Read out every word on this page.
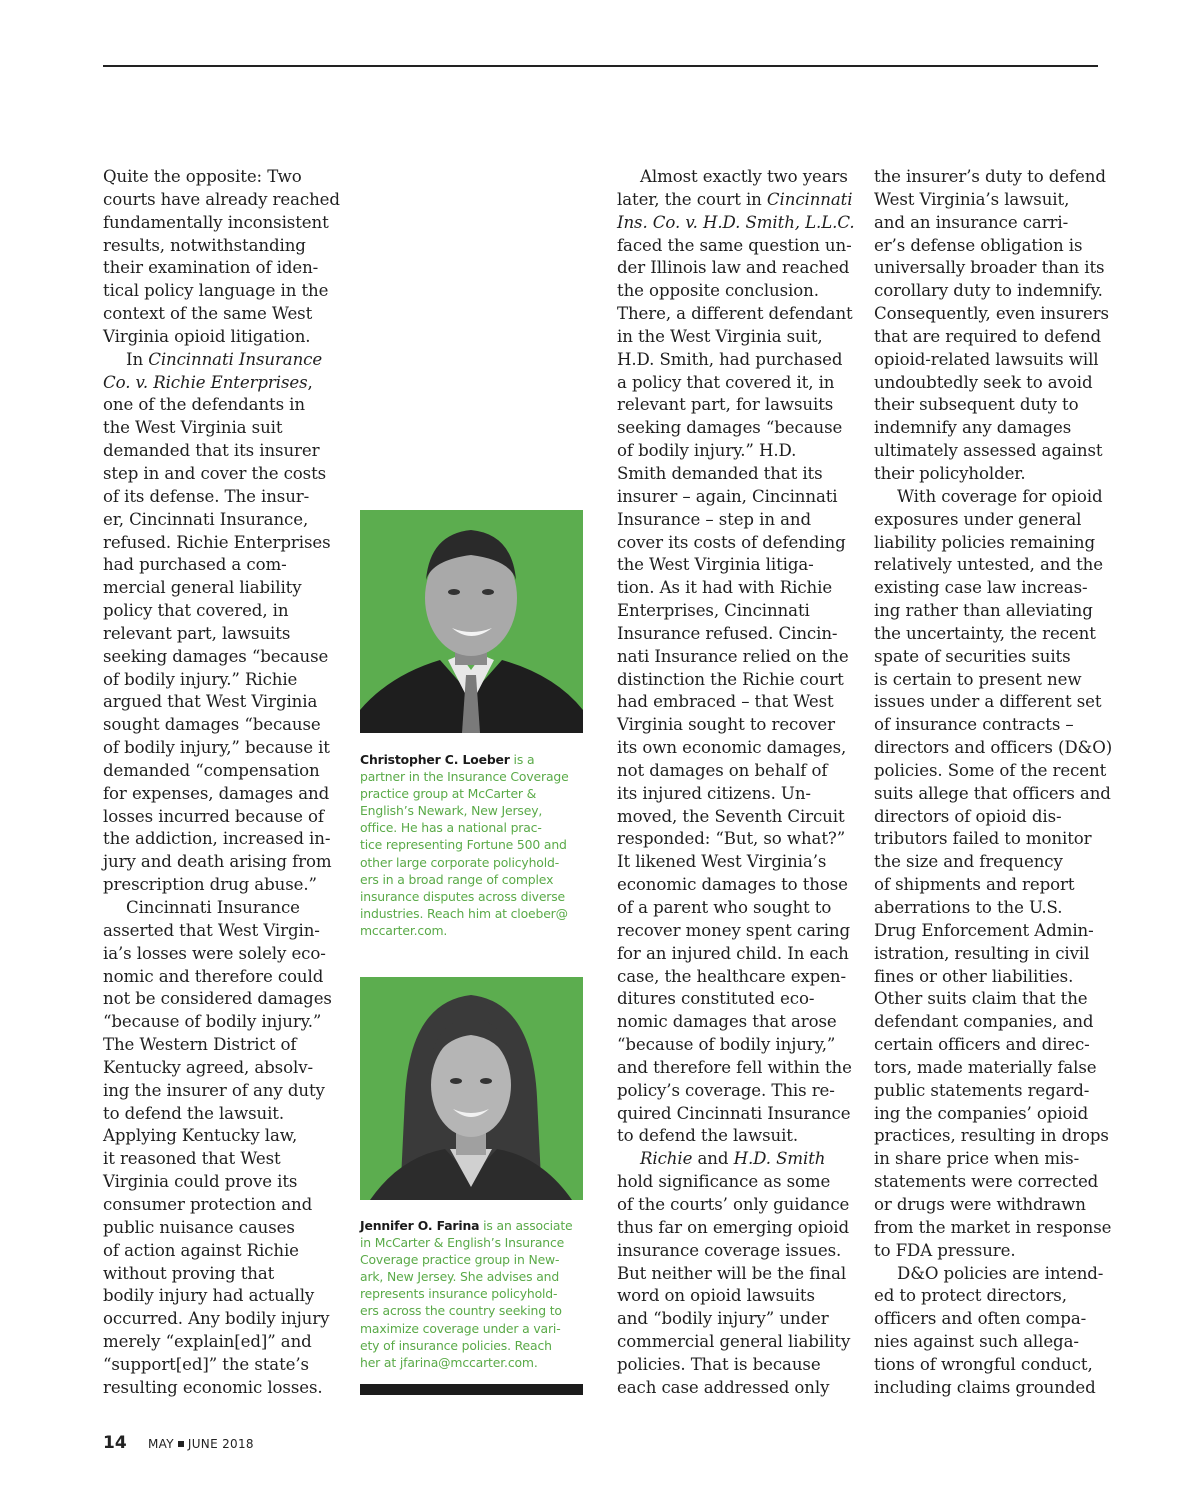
Quite the opposite: Two
courts have already reached
fundamentally inconsistent
results, notwithstanding
their examination of iden-
tical policy language in the
context of the same West
Virginia opioid litigation.
In Cincinnati Insurance
Co. v. Richie Enterprises,
one of the defendants in
the West Virginia suit
demanded that its insurer
step in and cover the costs
of its defense. The insur-
er, Cincinnati Insurance,
refused. Richie Enterprises
had purchased a com-
mercial general liability
policy that covered, in
relevant part, lawsuits
seeking damages “because
of bodily injury.” Richie
argued that West Virginia
sought damages “because
of bodily injury,” because it
demanded “compensation
for expenses, damages and
losses incurred because of
the addiction, increased in-
jury and death arising from
prescription drug abuse.”
Cincinnati Insurance
asserted that West Virgin-
ia’s losses were solely eco-
nomic and therefore could
not be considered damages
“because of bodily injury.”
The Western District of
Kentucky agreed, absolv-
ing the insurer of any duty
to defend the lawsuit.
Applying Kentucky law,
it reasoned that West
Virginia could prove its
consumer protection and
public nuisance causes
of action against Richie
without proving that
bodily injury had actually
occurred. Any bodily injury
merely “explain[ed]” and
“support[ed]” the state’s
resulting economic losses.
Christopher C. Loeber is a
partner in the Insurance Coverage
practice group at McCarter &
English’s Newark, New Jersey,
office. He has a national prac-
tice representing Fortune 500 and
other large corporate policyhold-
ers in a broad range of complex
insurance disputes across diverse
industries. Reach him at cloeber@
mccarter.com.
Jennifer O. Farina is an associate
in McCarter & English’s Insurance
Coverage practice group in New-
ark, New Jersey. She advises and
represents insurance policyhold-
ers across the country seeking to
maximize coverage under a vari-
ety of insurance policies. Reach
her at jfarina@mccarter.com.
Almost exactly two years
later, the court in Cincinnati
Ins. Co. v. H.D. Smith, L.L.C.
faced the same question un-
der Illinois law and reached
the opposite conclusion.
There, a different defendant
in the West Virginia suit,
H.D. Smith, had purchased
a policy that covered it, in
relevant part, for lawsuits
seeking damages “because
of bodily injury.” H.D.
Smith demanded that its
insurer – again, Cincinnati
Insurance – step in and
cover its costs of defending
the West Virginia litiga-
tion. As it had with Richie
Enterprises, Cincinnati
Insurance refused. Cincin-
nati Insurance relied on the
distinction the Richie court
had embraced – that West
Virginia sought to recover
its own economic damages,
not damages on behalf of
its injured citizens. Un-
moved, the Seventh Circuit
responded: “But, so what?”
It likened West Virginia’s
economic damages to those
of a parent who sought to
recover money spent caring
for an injured child. In each
case, the healthcare expen-
ditures constituted eco-
nomic damages that arose
“because of bodily injury,”
and therefore fell within the
policy’s coverage. This re-
quired Cincinnati Insurance
to defend the lawsuit.
Richie and H.D. Smith
hold significance as some
of the courts’ only guidance
thus far on emerging opioid
insurance coverage issues.
But neither will be the final
word on opioid lawsuits
and “bodily injury” under
commercial general liability
policies. That is because
each case addressed only
the insurer’s duty to defend
West Virginia’s lawsuit,
and an insurance carri-
er’s defense obligation is
universally broader than its
corollary duty to indemnify.
Consequently, even insurers
that are required to defend
opioid-related lawsuits will
undoubtedly seek to avoid
their subsequent duty to
indemnify any damages
ultimately assessed against
their policyholder.
With coverage for opioid
exposures under general
liability policies remaining
relatively untested, and the
existing case law increas-
ing rather than alleviating
the uncertainty, the recent
spate of securities suits
is certain to present new
issues under a different set
of insurance contracts –
directors and officers (D&O)
policies. Some of the recent
suits allege that officers and
directors of opioid dis-
tributors failed to monitor
the size and frequency
of shipments and report
aberrations to the U.S.
Drug Enforcement Admin-
istration, resulting in civil
fines or other liabilities.
Other suits claim that the
defendant companies, and
certain officers and direc-
tors, made materially false
public statements regard-
ing the companies’ opioid
practices, resulting in drops
in share price when mis-
statements were corrected
or drugs were withdrawn
from the market in response
to FDA pressure.
D&O policies are intend-
ed to protect directors,
officers and often compa-
nies against such allega-
tions of wrongful conduct,
including claims grounded
14 MAY JUNE 2018
